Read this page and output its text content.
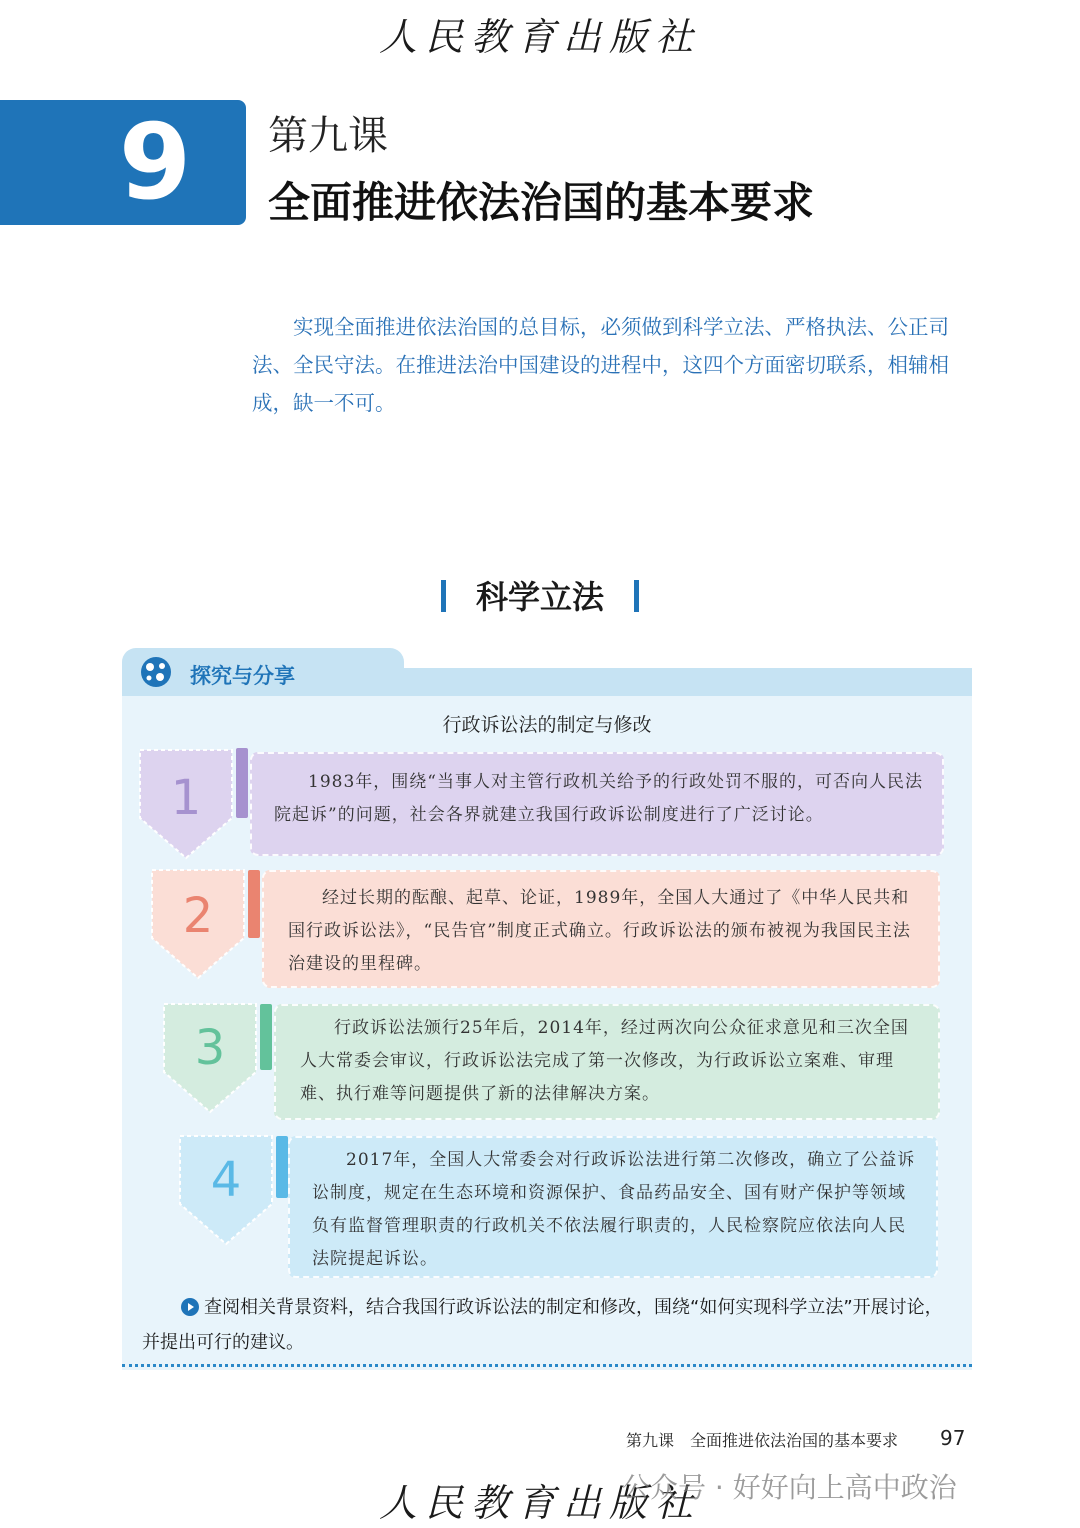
人民教育出版社
9	第九课
全面推进依法治国的基本要求
实现全面推进依法治国的总目标，必须做到科学立法、严格执法、公正司法、全民守法。在推进法治中国建设的进程中，这四个方面密切联系，相辅相成，缺一不可。
科学立法
探究与分享
行政诉讼法的制定与修改
1	1983年，围绕“当事人对主管行政机关给予的行政处罚不服的，可否向人民法院起诉”的问题，社会各界就建立我国行政诉讼制度进行了广泛讨论。
2	经过长期的酝酿、起草、论证，1989年，全国人大通过了《中华人民共和国行政诉讼法》，“民告官”制度正式确立。行政诉讼法的颁布被视为我国民主法治建设的里程碑。
3	行政诉讼法颁行25年后，2014年，经过两次向公众征求意见和三次全国人大常委会审议，行政诉讼法完成了第一次修改，为行政诉讼立案难、审理难、执行难等问题提供了新的法律解决方案。
4	2017年，全国人大常委会对行政诉讼法进行第二次修改，确立了公益诉讼制度，规定在生态环境和资源保护、食品药品安全、国有财产保护等领域负有监督管理职责的行政机关不依法履行职责的，人民检察院应依法向人民法院提起诉讼。
查阅相关背景资料，结合我国行政诉讼法的制定和修改，围绕“如何实现科学立法”开展讨论，并提出可行的建议。
第九课　全面推进依法治国的基本要求 97
人民教育出版社
公众号 · 好好向上高中政治
